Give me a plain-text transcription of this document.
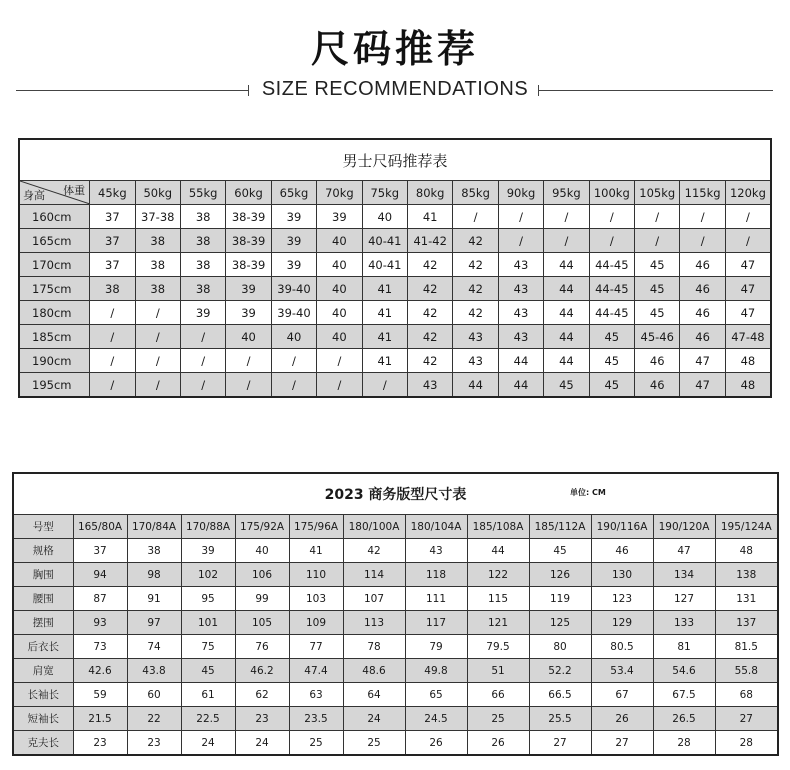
尺码推荐
SIZE RECOMMENDATIONS
男士尺码推荐表															

体重
身高	45kg	50kg	55kg	60kg	65kg	70kg	75kg	80kg	85kg	90kg	95kg	100kg	105kg	115kg	120kg
160cm	37	37-38	38	38-39	39	39	40	41	/	/	/	/	/	/	/
165cm	37	38	38	38-39	39	40	40-41	41-42	42	/	/	/	/	/	/
170cm	37	38	38	38-39	39	40	40-41	42	42	43	44	44-45	45	46	47
175cm	38	38	38	39	39-40	40	41	42	42	43	44	44-45	45	46	47
180cm	/	/	39	39	39-40	40	41	42	42	43	44	44-45	45	46	47
185cm	/	/	/	40	40	40	41	42	43	43	44	45	45-46	46	47-48
190cm	/	/	/	/	/	/	41	42	43	44	44	45	46	47	48
195cm	/	/	/	/	/	/	/	43	44	44	45	45	46	47	48
2023 商务版型尺寸表 单位: CM												

号型	165/80A	170/84A	170/88A	175/92A	175/96A	180/100A	180/104A	185/108A	185/112A	190/116A	190/120A	195/124A
规格	37	38	39	40	41	42	43	44	45	46	47	48
胸围	94	98	102	106	110	114	118	122	126	130	134	138
腰围	87	91	95	99	103	107	111	115	119	123	127	131
摆围	93	97	101	105	109	113	117	121	125	129	133	137
后衣长	73	74	75	76	77	78	79	79.5	80	80.5	81	81.5
肩宽	42.6	43.8	45	46.2	47.4	48.6	49.8	51	52.2	53.4	54.6	55.8
长袖长	59	60	61	62	63	64	65	66	66.5	67	67.5	68
短袖长	21.5	22	22.5	23	23.5	24	24.5	25	25.5	26	26.5	27
克夫长	23	23	24	24	25	25	26	26	27	27	28	28
